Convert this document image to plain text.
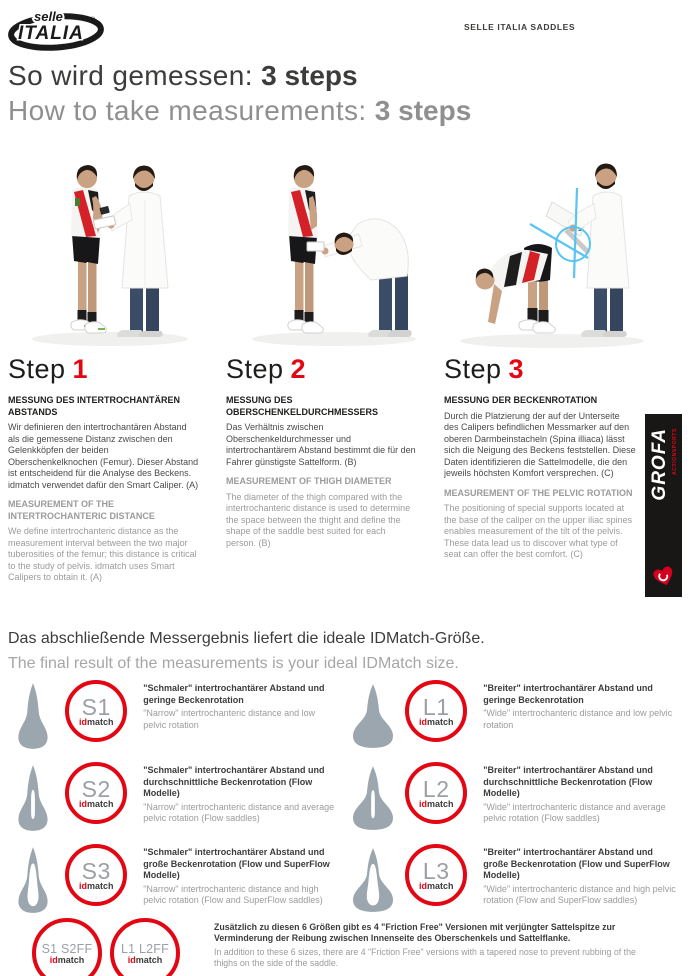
selle
ITALIA
®
SELLE ITALIA SADDLES
So wird gemessen: 3 steps
How to take measurements: 3 steps
Step 1
MESSUNG DES INTERTROCHANTÄREN ABSTANDS

Wir definieren den intertrochantären Abstand als die gemessene Distanz zwischen den Gelenkköpfen der beiden Oberschenkelknochen (Femur). Dieser Abstand ist entscheidend für die Analyse des Beckens. idmatch verwendet dafür den Smart Caliper. (A)

MEASUREMENT OF THE INTERTROCHANTERIC DISTANCE

We define intertrochanteric distance as the measurement interval between the two major tuberosities of the femur; this distance is critical to the study of pelvis. idmatch uses Smart Calipers to obtain it. (A)

Step 2
MESSUNG DES OBERSCHENKELDURCHMESSERS

Das Verhältnis zwischen Oberschenkeldurchmesser und intertrochantärem Abstand bestimmt die für den Fahrer günstigste Sattelform. (B)

MEASUREMENT OF THIGH DIAMETER

The diameter of the thigh compared with the intertrochanteric distance is used to determine the space between the thight and define the shape of the saddle best suited for each person. (B)

Step 3
MESSUNG DER BECKENROTATION

Durch die Platzierung der auf der Unterseite des Calipers befindlichen Messmarker auf den oberen Darmbeinstacheln (Spina illiaca) lässt sich die Neigung des Beckens feststellen. Diese Daten identifizieren die Sattelmodelle, die den jeweils höchsten Komfort versprechen. (C)

MEASUREMENT OF THE PELVIC ROTATION

The positioning of special supports located at the base of the caliper on the upper iliac spines enables measurement of the tilt of the pelvis. These data lead us to discover what type of seat can offer the best comfort. (C)

GROFA ACTIONSPORTS
Das abschließende Messergebnis liefert die ideale IDMatch-Größe.
The final result of the measurements is your ideal IDMatch size.
S1
idmatch
"Schmaler" intertrochantärer Abstand und geringe Beckenrotation
"Narrow" intertrochanteric distance and low pelvic rotation
L1
idmatch
"Breiter" intertrochantärer Abstand und geringe Beckenrotation
"Wide" intertrochanteric distance and low pelvic rotation
S2
idmatch
"Schmaler" intertrochantärer Abstand und durchschnittliche Beckenrotation (Flow Modelle)
"Narrow" intertrochanteric distance and average pelvic rotation (Flow saddles)
L2
idmatch
"Breiter" intertrochantärer Abstand und durchschnittliche Beckenrotation (Flow Modelle)
"Wide" intertrochanteric distance and average pelvic rotation (Flow saddles)
S3
idmatch
"Schmaler" intertrochantärer Abstand und große Beckenrotation (Flow und SuperFlow Modelle)
"Narrow" intertrochanteric distance and high pelvic rotation (Flow and SuperFlow saddles)
L3
idmatch
"Breiter" intertrochantärer Abstand und große Beckenrotation (Flow und SuperFlow Modelle)
"Wide" intertrochanteric distance and high pelvic rotation (Flow and SuperFlow saddles)
S1 S2FF
idmatch
L1 L2FF
idmatch
Zusätzlich zu diesen 6 Größen gibt es 4 "Friction Free" Versionen mit verjüngter Sattelspitze zur Verminderung der Reibung zwischen Innenseite des Oberschenkels und Sattelflanke.
In addition to these 6 sizes, there are 4 "Friction Free" versions with a tapered nose to prevent rubbing of the thighs on the side of the saddle.
